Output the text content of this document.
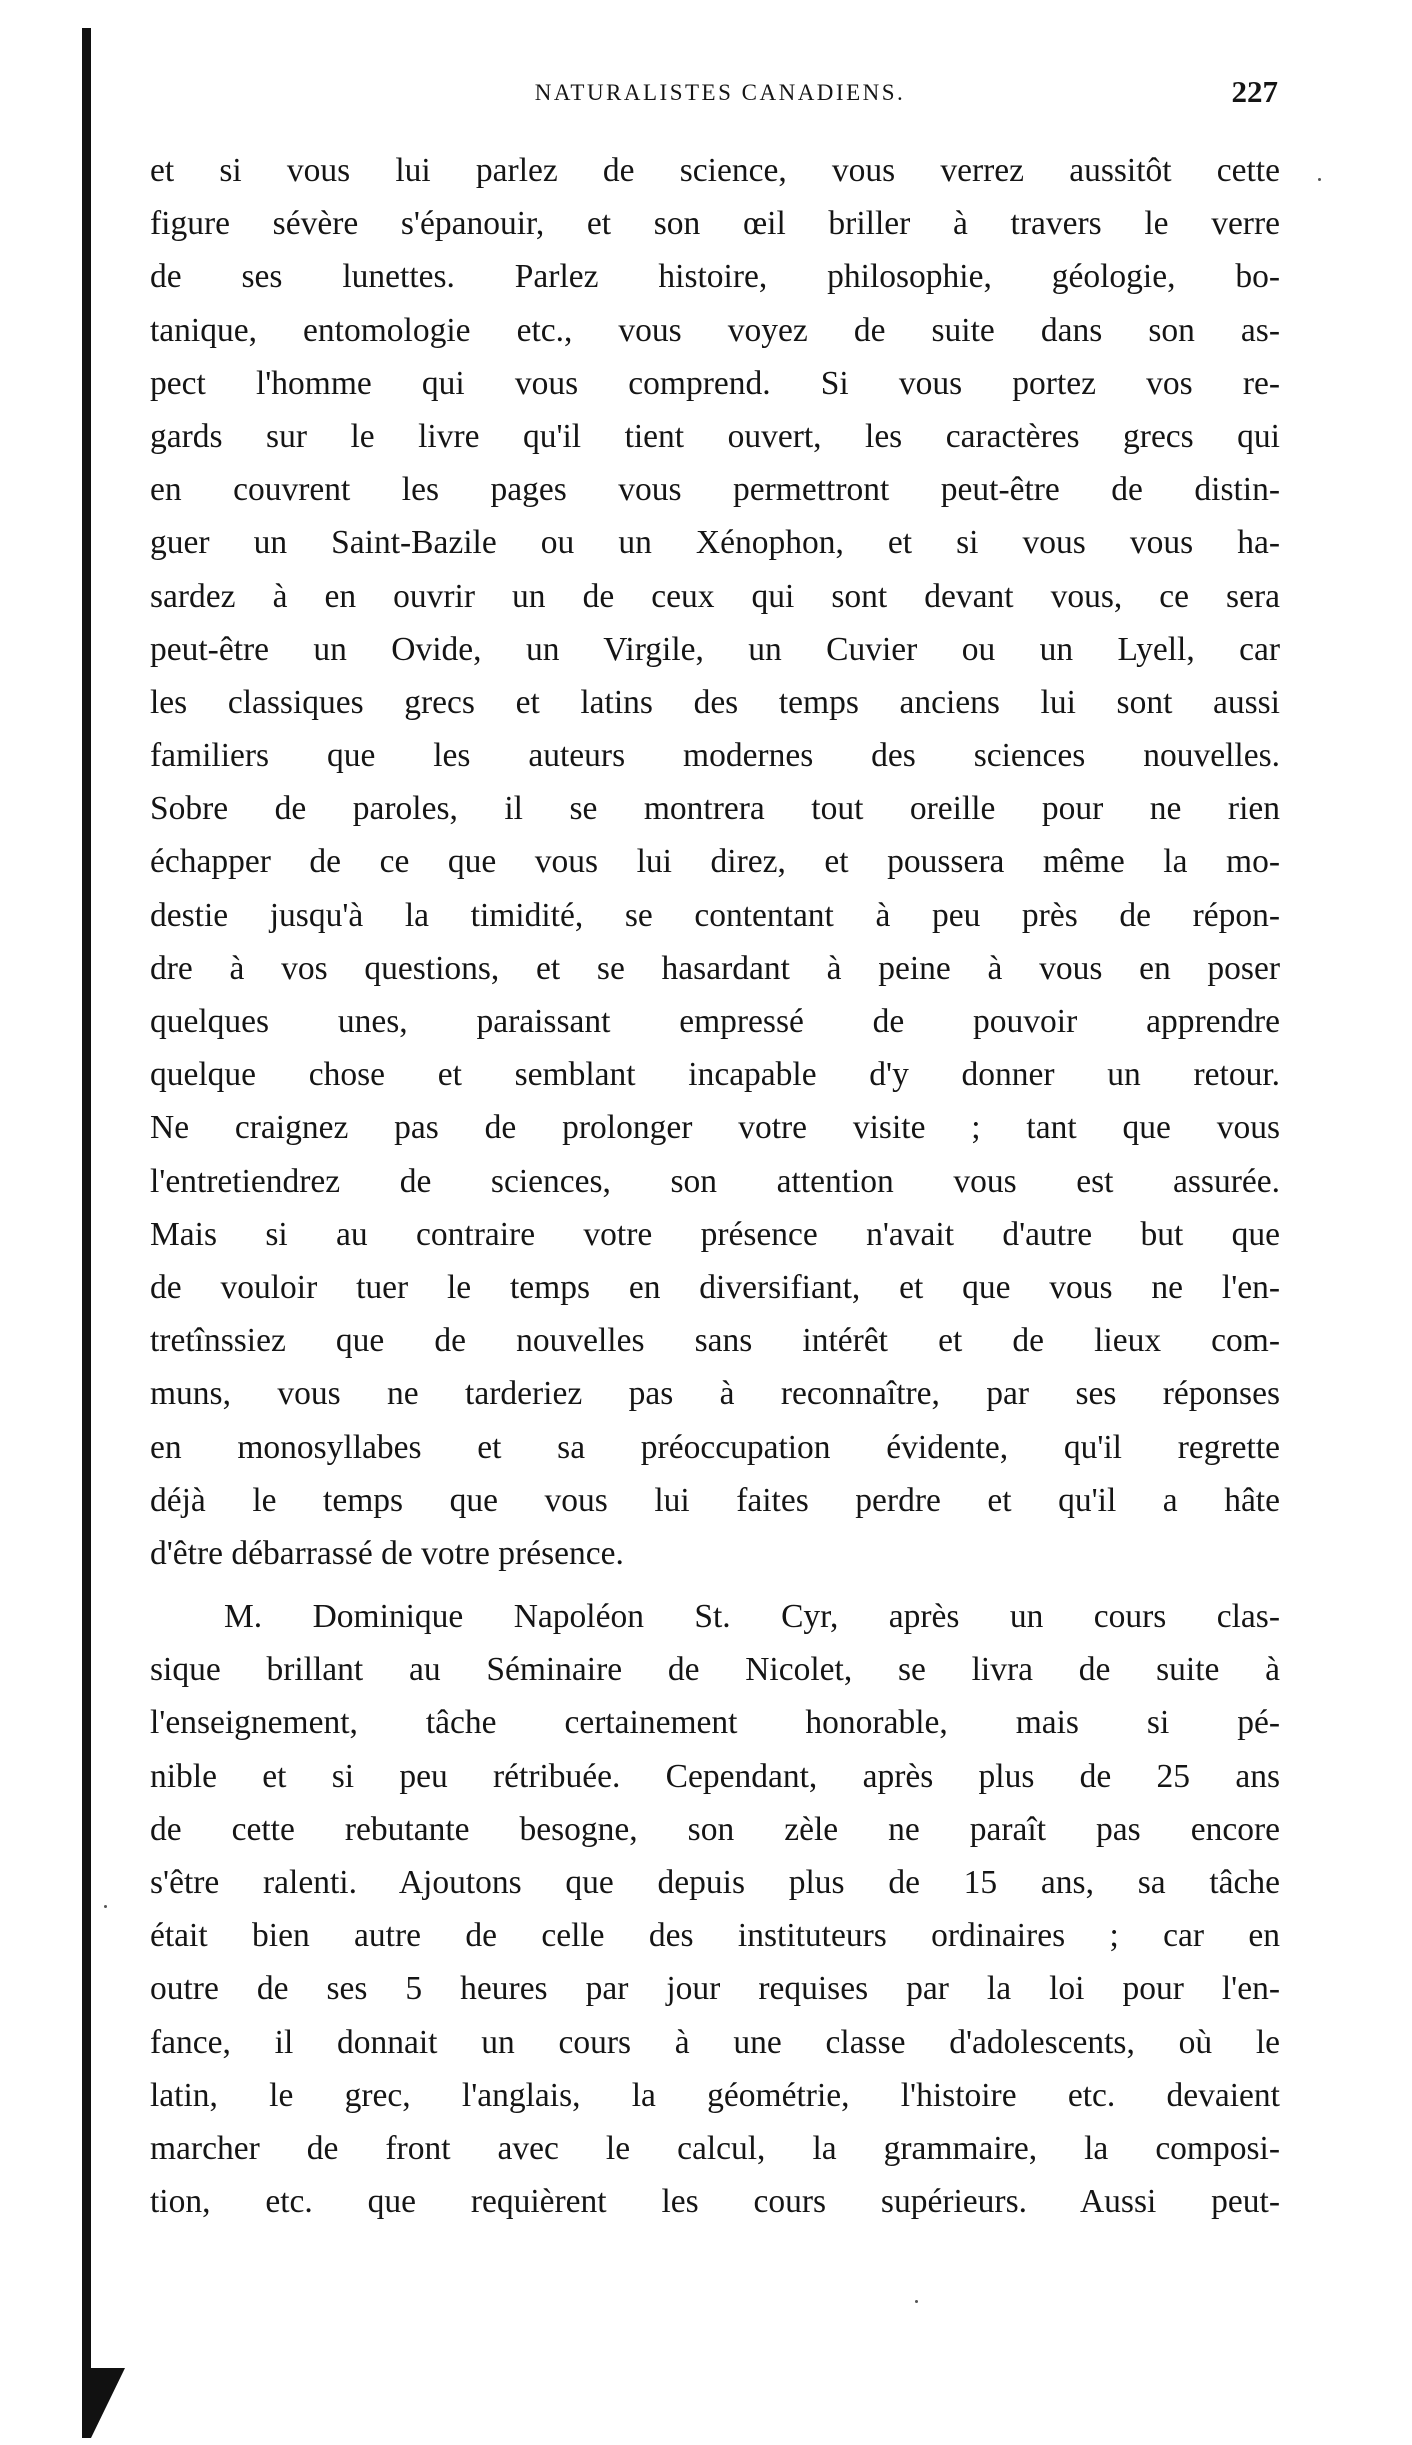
NATURALISTES CANADIENS.	227
et si vous lui parlez de science, vous verrez aussitôt cette
figure sévère s'épanouir, et son œil briller à travers le verre
de ses lunettes. Parlez histoire, philosophie, géologie, bo-
tanique, entomologie etc., vous voyez de suite dans son as-
pect l'homme qui vous comprend. Si vous portez vos re-
gards sur le livre qu'il tient ouvert, les caractères grecs qui
en couvrent les pages vous permettront peut-être de distin-
guer un Saint-Bazile ou un Xénophon, et si vous vous ha-
sardez à en ouvrir un de ceux qui sont devant vous, ce sera
peut-être un Ovide, un Virgile, un Cuvier ou un Lyell, car
les classiques grecs et latins des temps anciens lui sont aussi
familiers que les auteurs modernes des sciences nouvelles.
Sobre de paroles, il se montrera tout oreille pour ne rien
échapper de ce que vous lui direz, et poussera même la mo-
destie jusqu'à la timidité, se contentant à peu près de répon-
dre à vos questions, et se hasardant à peine à vous en poser
quelques unes, paraissant empressé de pouvoir apprendre
quelque chose et semblant incapable d'y donner un retour.
Ne craignez pas de prolonger votre visite ; tant que vous
l'entretiendrez de sciences, son attention vous est assurée.
Mais si au contraire votre présence n'avait d'autre but que
de vouloir tuer le temps en diversifiant, et que vous ne l'en-
tretînssiez que de nouvelles sans intérêt et de lieux com-
muns, vous ne tarderiez pas à reconnaître, par ses réponses
en monosyllabes et sa préoccupation évidente, qu'il regrette
déjà le temps que vous lui faites perdre et qu'il a hâte
d'être débarrassé de votre présence.
M. Dominique Napoléon St. Cyr, après un cours clas-
sique brillant au Séminaire de Nicolet, se livra de suite à
l'enseignement, tâche certainement honorable, mais si pé-
nible et si peu rétribuée. Cependant, après plus de 25 ans
de cette rebutante besogne, son zèle ne paraît pas encore
s'être ralenti. Ajoutons que depuis plus de 15 ans, sa tâche
était bien autre de celle des instituteurs ordinaires ; car en
outre de ses 5 heures par jour requises par la loi pour l'en-
fance, il donnait un cours à une classe d'adolescents, où le
latin, le grec, l'anglais, la géométrie, l'histoire etc. devaient
marcher de front avec le calcul, la grammaire, la composi-
tion, etc. que requièrent les cours supérieurs. Aussi peut-
